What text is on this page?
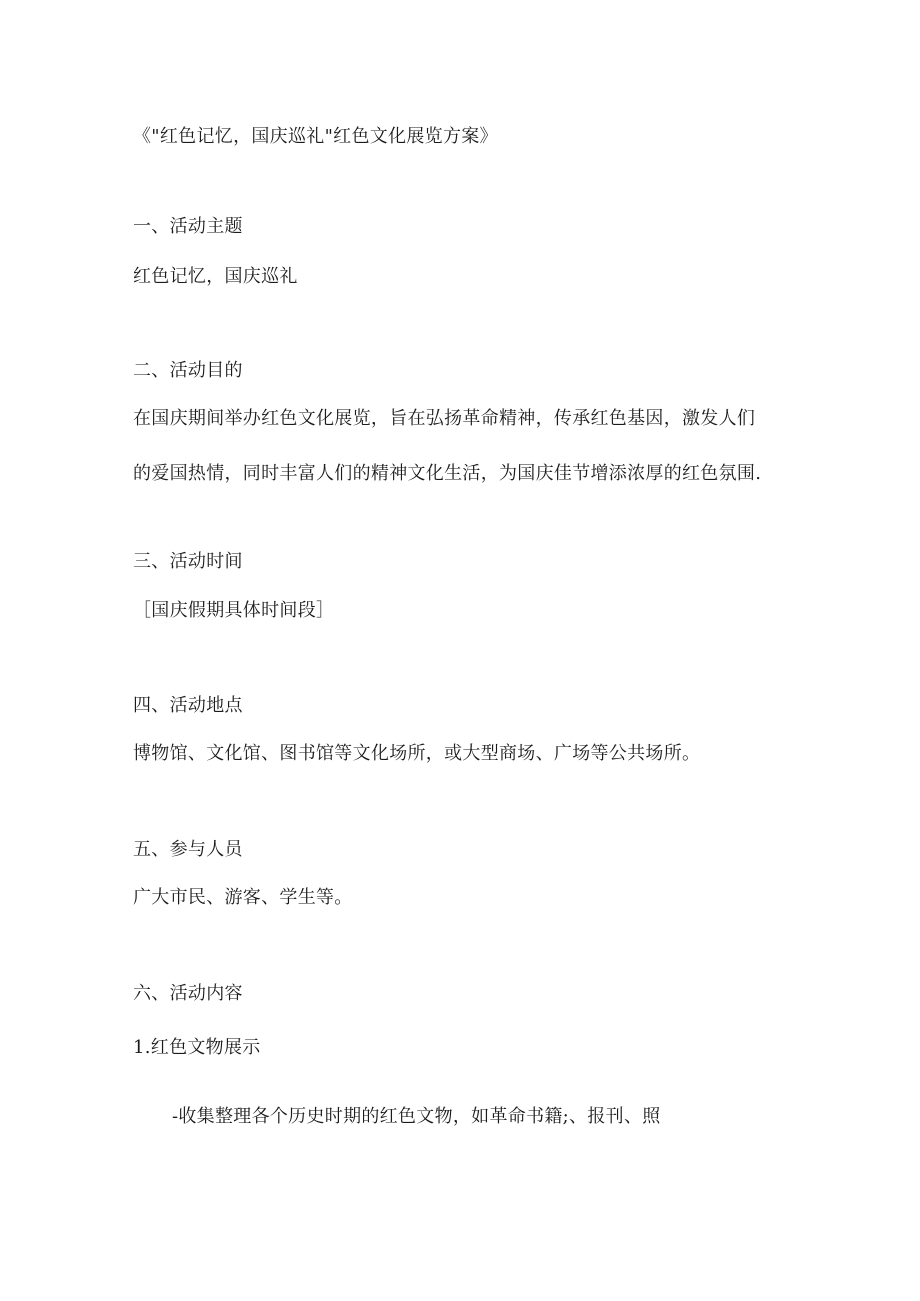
《"红色记忆，国庆巡礼"红色文化展览方案》
一、活动主题
红色记忆，国庆巡礼
二、活动目的
在国庆期间举办红色文化展览，旨在弘扬革命精神，传承红色基因，激发人们
的爱国热情，同时丰富人们的精神文化生活，为国庆佳节增添浓厚的红色氛围.
三、活动时间
［国庆假期具体时间段］
四、活动地点
博物馆、文化馆、图书馆等文化场所，或大型商场、广场等公共场所。
五、参与人员
广大市民、游客、学生等。
六、活动内容
1.红色文物展示
-收集整理各个历史时期的红色文物，如革命书籍;、报刊、照
